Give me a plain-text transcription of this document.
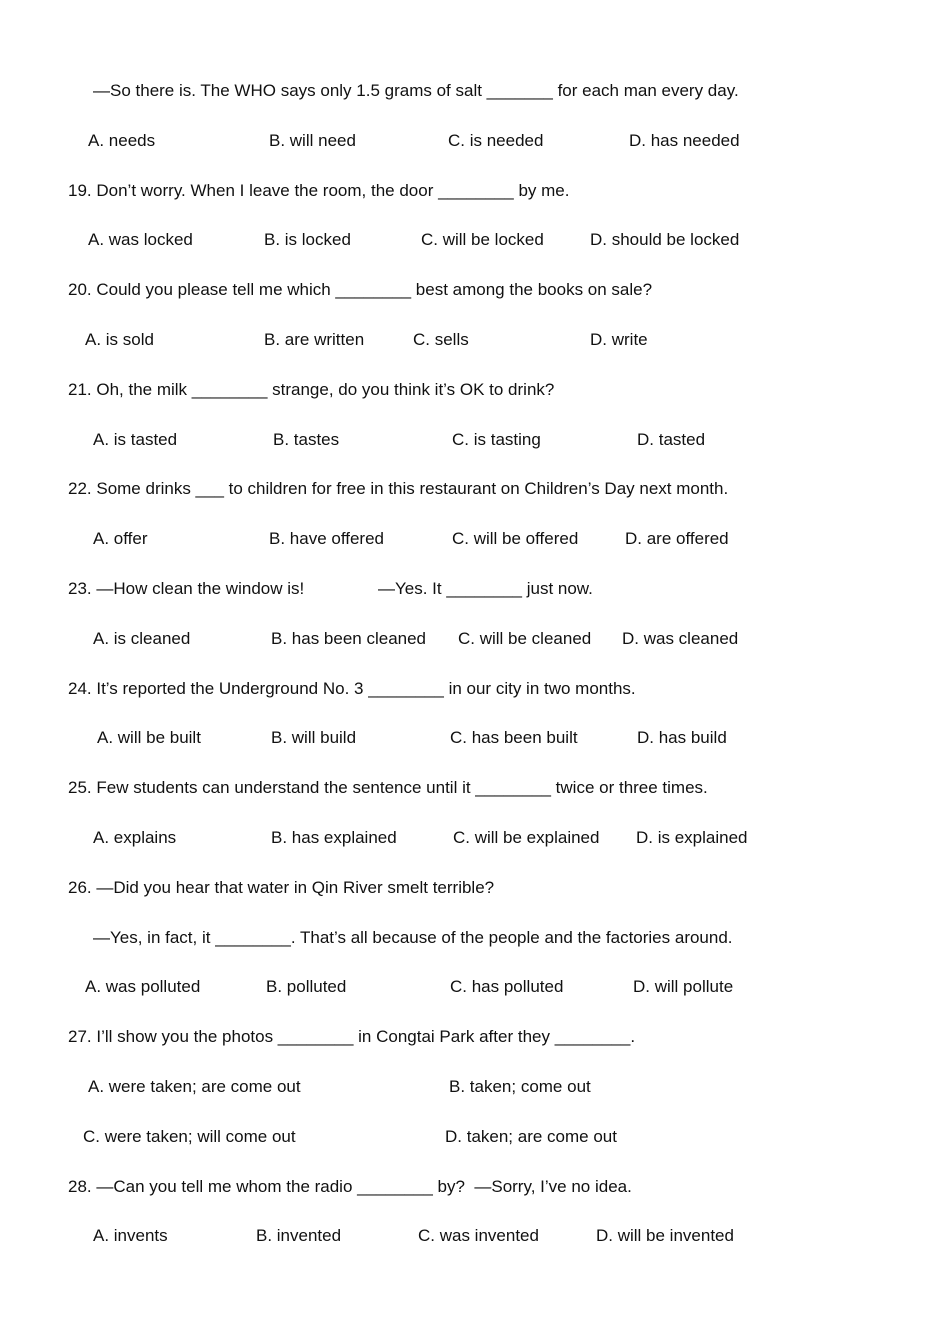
—So there is. The WHO says only 1.5 grams of salt _______ for each man every day.
A. needs	B. will need	C. is needed	D. has needed
19. Don’t worry. When I leave the room, the door ________ by me.
A. was locked	B. is locked	C. will be locked	D. should be locked
20. Could you please tell me which ________ best among the books on sale?
A. is sold	B. are written	C. sells	D. write
21. Oh, the milk ________ strange, do you think it’s OK to drink?
A. is tasted	B. tastes	C. is tasting	D. tasted
22. Some drinks ___ to children for free in this restaurant on Children’s Day next month.
A. offer	B. have offered	C. will be offered	D. are offered
23. —How clean the window is!	—Yes. It ________ just now.
A. is cleaned	B. has been cleaned C. will be cleaned D. was cleaned
24. It’s reported the Underground No. 3 ________ in our city in two months.
A. will be built	B. will build	C. has been built	D. has build
25. Few students can understand the sentence until it ________ twice or three times.
A. explains	B. has explained	C. will be explained D. is explained
26. —Did you hear that water in Qin River smelt terrible?
—Yes, in fact, it ________. That’s all because of the people and the factories around.
A. was polluted	B. polluted	C. has polluted	D. will pollute
27. I’ll show you the photos ________ in Congtai Park after they ________.
A. were taken; are come out	B. taken; come out
C. were taken; will come out	D. taken; are come out
28. —Can you tell me whom the radio ________ by?  —Sorry, I’ve no idea.
A. invents	B. invented	C. was invented	D. will be invented
